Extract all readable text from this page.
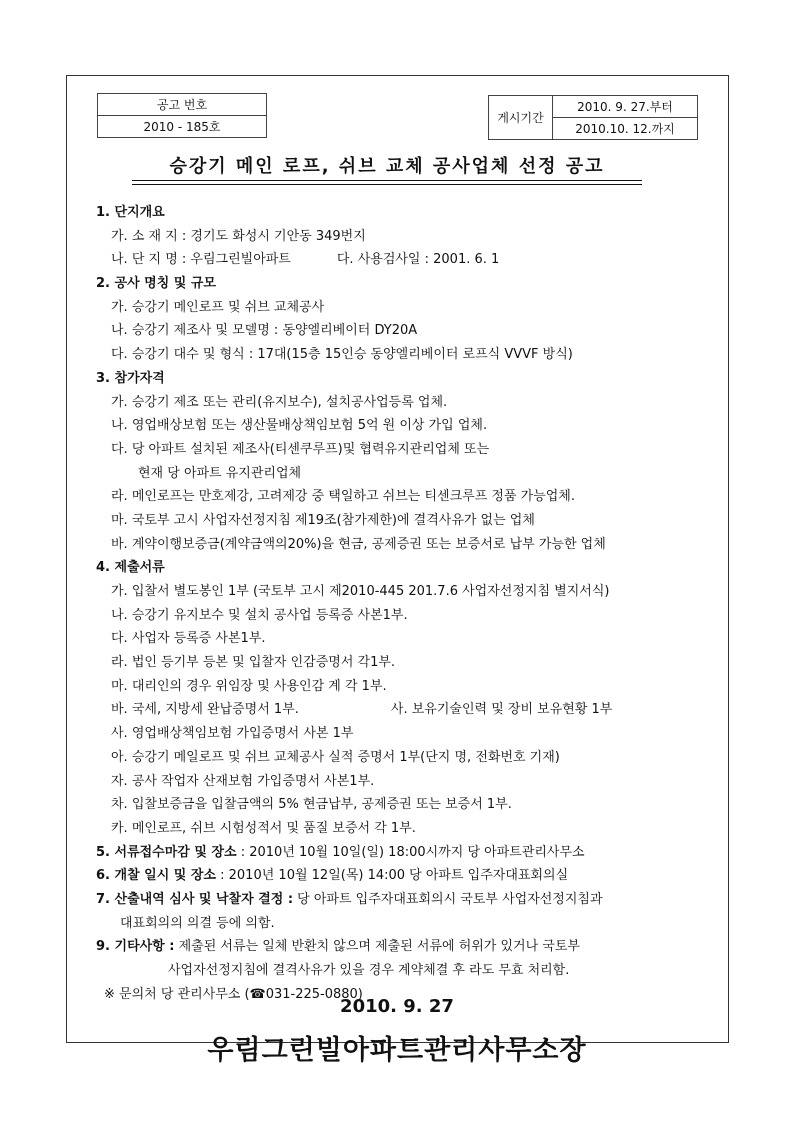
공고 번호
2010 - 185호
게시기간	2010. 9. 27.부터
2010.10. 12.까지
승강기 메인 로프, 쉬브 교체 공사업체 선정 공고
1. 단지개요
가. 소 재 지 : 경기도 화성시 기안동 349번지
나. 단 지 명 : 우림그린빌아파트	다. 사용검사일 : 2001. 6. 1
2. 공사 명칭 및 규모
가. 승강기 메인로프 및 쉬브 교체공사
나. 승강기 제조사 및 모델명 : 동양엘리베이터 DY20A
다. 승강기 대수 및 형식 : 17대(15층 15인승 동양엘리베이터 로프식 VVVF 방식)
3. 참가자격
가. 승강기 제조 또는 관리(유지보수), 설치공사업등록 업체.
나. 영업배상보험 또는 생산물배상책임보험 5억 원 이상 가입 업체.
다. 당 아파트 설치된 제조사(티센쿠루프)및 협력유지관리업체 또는
현재 당 아파트 유지관리업체
라. 메인로프는 만호제강, 고려제강 중 택일하고 쉬브는 티센크루프 정품 가능업체.
마. 국토부 고시 사업자선정지침 제19조(참가제한)에 결격사유가 없는 업체
바. 계약이행보증금(계약금액의20%)을 현금, 공제증권 또는 보증서로 납부 가능한 업체
4. 제출서류
가. 입찰서 별도봉인 1부 (국토부 고시 제2010-445 201.7.6 사업자선정지침 별지서식)
나. 승강기 유지보수 및 설치 공사업 등록증 사본1부.
다. 사업자 등록증 사본1부.
라. 법인 등기부 등본 및 입찰자 인감증명서 각1부.
마. 대리인의 경우 위임장 및 사용인감 계 각 1부.
바. 국세, 지방세 완납증명서 1부.	사. 보유기술인력 및 장비 보유현황 1부
사. 영업배상책임보험 가입증명서 사본 1부
아. 승강기 메일로프 및 쉬브 교체공사 실적 증명서 1부(단지 명, 전화번호 기재)
자. 공사 작업자 산재보험 가입증명서 사본1부.
차. 입찰보증금을 입찰금액의 5% 현금납부, 공제증권 또는 보증서 1부.
카. 메인로프, 쉬브 시험성적서 및 품질 보증서 각 1부.
5. 서류접수마감 및 장소 : 2010년 10월 10일(일) 18:00시까지 당 아파트관리사무소
6. 개찰 일시 및 장소 : 2010년 10월 12일(목) 14:00 당 아파트 입주자대표회의실
7. 산출내역 심사 및 낙찰자 결정 : 당 아파트 입주자대표회의시 국토부 사업자선정지침과
대표회의의 의결 등에 의함.
9. 기타사항 : 제출된 서류는 일체 반환치 않으며 제출된 서류에 허위가 있거나 국토부
사업자선정지침에 결격사유가 있을 경우 계약체결 후 라도 무효 처리함.
※ 문의처 당 관리사무소 (☎031-225-0880)
2010. 9. 27
우림그린빌아파트관리사무소장
